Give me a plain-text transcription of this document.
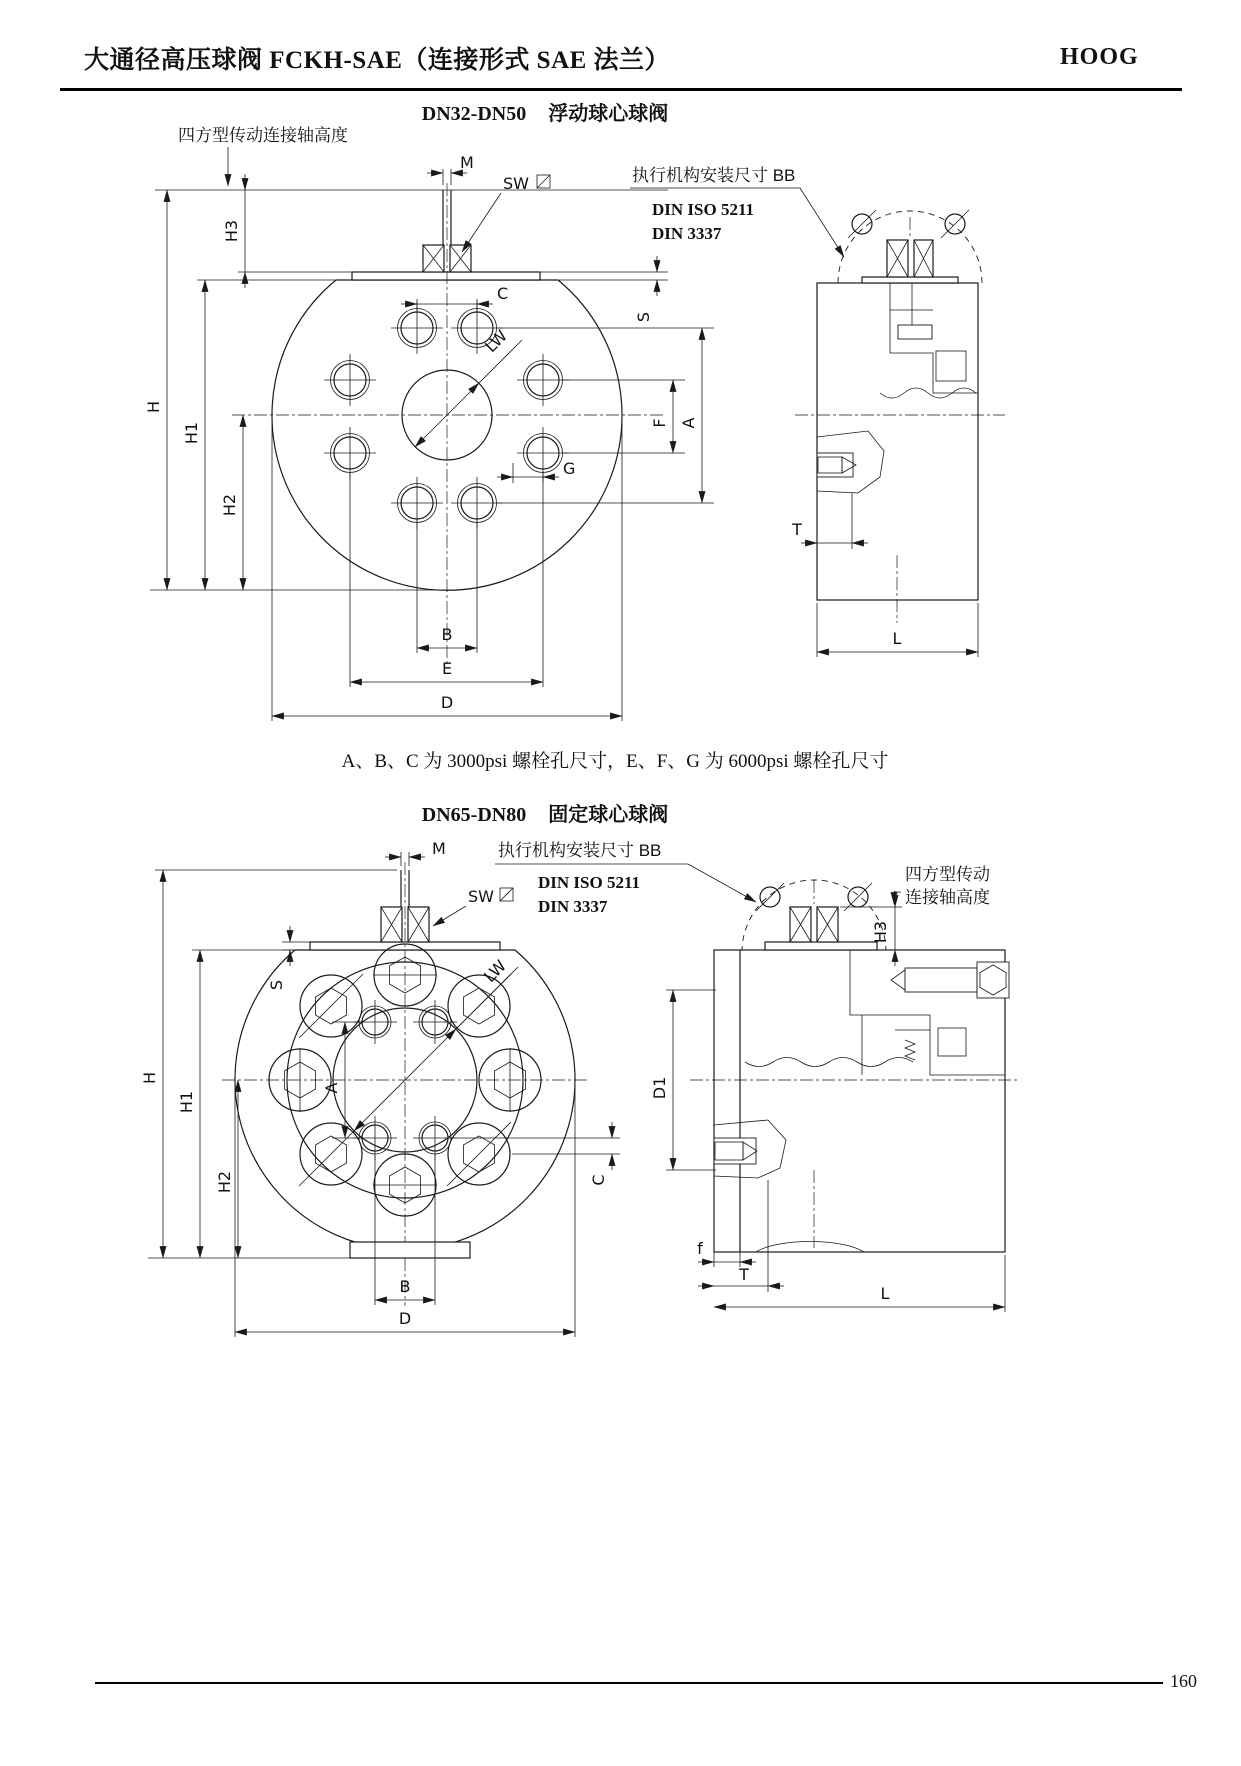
大通径高压球阀 FCKH-SAE（连接形式 SAE 法兰）	HOOG
DN32-DN50 浮动球心球阀
四方型传动连接轴高度
LW
M
SW
H3
H
H1
H2
C
S
F A
G
B
E
D
执行机构安装尺寸 BB
DIN ISO 5211
DIN 3337
T
L
A、B、C 为 3000psi 螺栓孔尺寸，E、F、G 为 6000psi 螺栓孔尺寸
DN65-DN80 固定球心球阀
执行机构安装尺寸 BB
DIN ISO 5211
DIN 3337
四方型传动
连接轴高度
LW
M
SW
S
H
H1
H2
A
C
B
D
H3
D1
f
T
L
160
